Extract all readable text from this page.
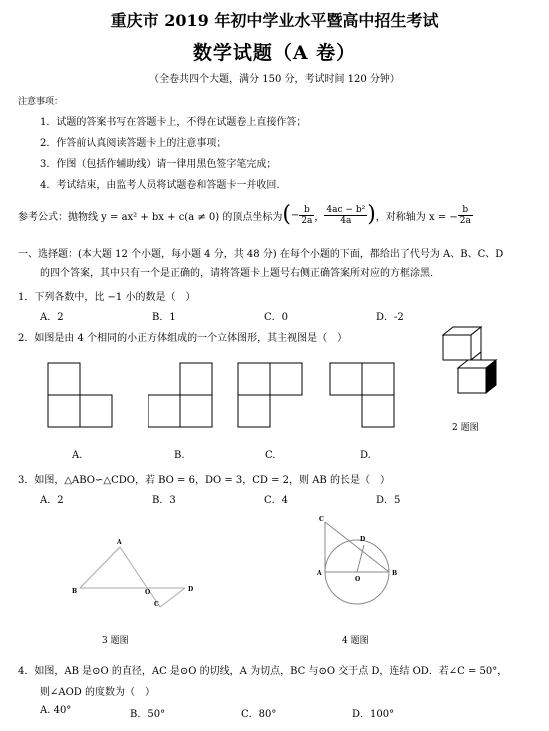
重庆市 2019 年初中学业水平暨高中招生考试
数学试题（A 卷）
（全卷共四个大题，满分 150 分，考试时间 120 分钟）
注意事项：
1．试题的答案书写在答题卡上，不得在试题卷上直接作答；
2．作答前认真阅读答题卡上的注意事项；
3．作图（包括作辅助线）请一律用黑色签字笔完成；
4．考试结束，由监考人员将试题卷和答题卡一并收回.
参考公式：抛物线 y = ax² + bx + c(a ≠ 0) 的顶点坐标为 ( − $\frac{b}{2a}$ ， $\frac{\text{4ac − b²}}{4a}$ ) ，对称轴为 x = − $\frac{b}{2a}$
一、选择题：(本大题 12 个小题，每小题 4 分，共 48 分) 在每个小题的下面，都给出了代号为 A、B、C、D
的四个答案，其中只有一个是正确的，请将答题卡上题号右侧正确答案所对应的方框涂黑．
1．下列各数中，比 −1 小的数是（　）
A．2	B．1	C．0	D．-2
2．如图是由 4 个相同的小正方体组成的一个立体图形，其主视图是（　）
A.	B.	C.	D.
2 题图
3．如图，△ABO∽△CDO，若 BO = 6，DO = 3，CD = 2，则 AB 的长是（　）
A．2	B．3	C．4	D．5
A
B	O
C
D
3 题图
C
D
A
O
B
4 题图
4．如图，AB 是⊙O 的直径，AC 是⊙O 的切线，A 为切点，BC 与⊙O 交于点 D，连结 OD．若∠C = 50°，
则∠AOD 的度数为（　）
A. 40°	B．50°	C．80°	D．100°
